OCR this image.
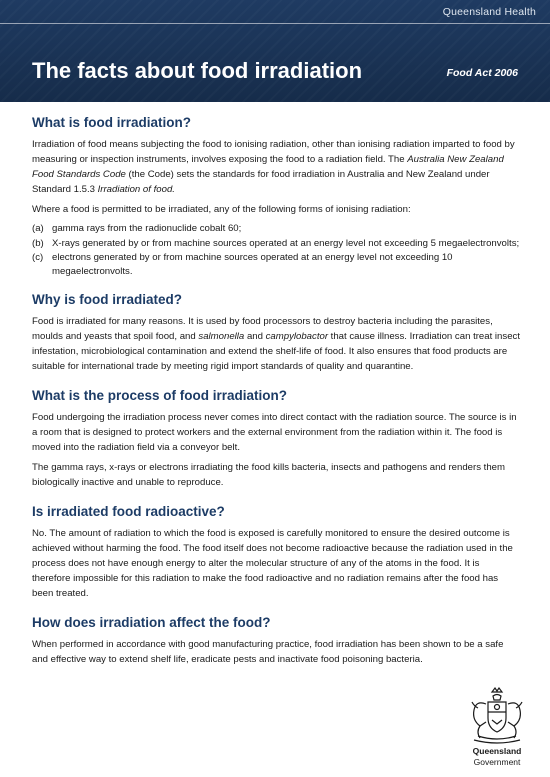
Queensland Health
The facts about food irradiation	Food Act 2006
What is food irradiation?

Irradiation of food means subjecting the food to ionising radiation, other than ionising radiation imparted to food by measuring or inspection instruments, involves exposing the food to a radiation field. The Australia New Zealand Food Standards Code (the Code) sets the standards for food irradiation in Australia and New Zealand under Standard 1.5.3 Irradiation of food.

Where a food is permitted to be irradiated, any of the following forms of ionising radiation:

(a) gamma rays from the radionuclide cobalt 60;
(b) X-rays generated by or from machine sources operated at an energy level not exceeding 5 megaelectronvolts;
(c) electrons generated by or from machine sources operated at an energy level not exceeding 10 megaelectronvolts.
Why is food irradiated?

Food is irradiated for many reasons. It is used by food processors to destroy bacteria including the parasites, moulds and yeasts that spoil food, and salmonella and campylobactor that cause illness. Irradiation can treat insect infestation, microbiological contamination and extend the shelf-life of food. It also ensures that food products are suitable for international trade by meeting rigid import standards of quality and quarantine.

What is the process of food irradiation?

Food undergoing the irradiation process never comes into direct contact with the radiation source. The source is in a room that is designed to protect workers and the external environment from the radiation within it. The food is moved into the radiation field via a conveyor belt.

The gamma rays, x-rays or electrons irradiating the food kills bacteria, insects and pathogens and renders them biologically inactive and unable to reproduce.

Is irradiated food radioactive?

No. The amount of radiation to which the food is exposed is carefully monitored to ensure the desired outcome is achieved without harming the food. The food itself does not become radioactive because the radiation used in the process does not have enough energy to alter the molecular structure of any of the atoms in the food. It is therefore impossible for this radiation to make the food radioactive and no radiation remains after the food has been treated.

How does irradiation affect the food?

When performed in accordance with good manufacturing practice, food irradiation has been shown to be a safe and effective way to extend shelf life, eradicate pests and inactivate food poisoning bacteria.

Queensland
Government
